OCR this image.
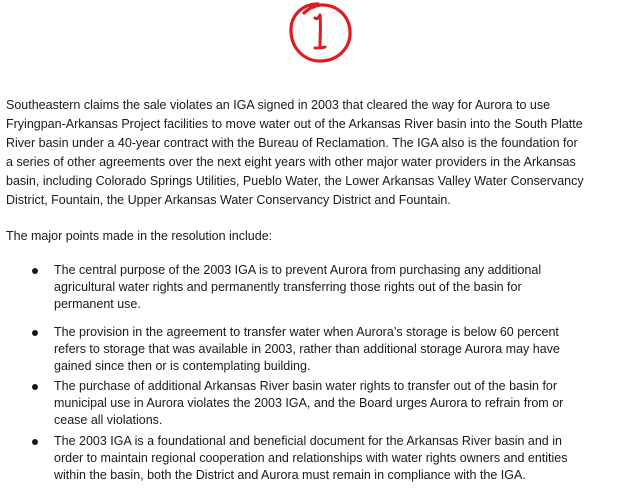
Southeastern claims the sale violates an IGA signed in 2003 that cleared the way for Aurora to use
Fryingpan-Arkansas Project facilities to move water out of the Arkansas River basin into the South Platte
River basin under a 40-year contract with the Bureau of Reclamation. The IGA also is the foundation for
a series of other agreements over the next eight years with other major water providers in the Arkansas
basin, including Colorado Springs Utilities, Pueblo Water, the Lower Arkansas Valley Water Conservancy
District, Fountain, the Upper Arkansas Water Conservancy District and Fountain.

The major points made in the resolution include:

The central purpose of the 2003 IGA is to prevent Aurora from purchasing any additional
agricultural water rights and permanently transferring those rights out of the basin for
permanent use.
The provision in the agreement to transfer water when Aurora’s storage is below 60 percent
refers to storage that was available in 2003, rather than additional storage Aurora may have
gained since then or is contemplating building.
The purchase of additional Arkansas River basin water rights to transfer out of the basin for
municipal use in Aurora violates the 2003 IGA, and the Board urges Aurora to refrain from or
cease all violations.
The 2003 IGA is a foundational and beneficial document for the Arkansas River basin and in
order to maintain regional cooperation and relationships with water rights owners and entities
within the basin, both the District and Aurora must remain in compliance with the IGA.
